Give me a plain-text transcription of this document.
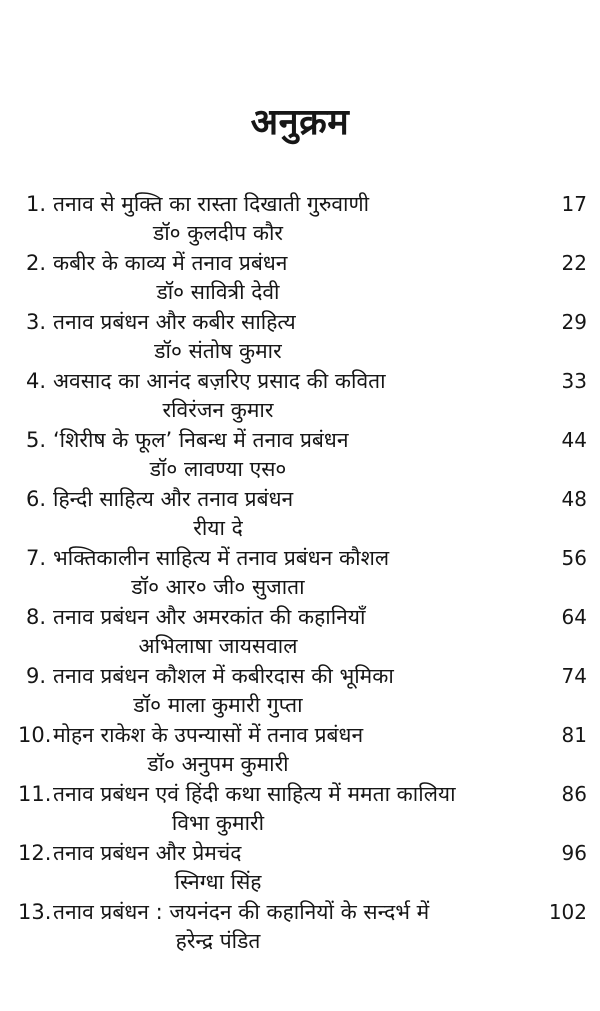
अनुक्रम
1. तनाव से मुक्ति का रास्ता दिखाती गुरुवाणी	17
डॉ० कुलदीप कौर
2. कबीर के काव्य में तनाव प्रबंधन	22
डॉ० सावित्री देवी
3. तनाव प्रबंधन और कबीर साहित्य	29
डॉ० संतोष कुमार
4. अवसाद का आनंद बज़रिए प्रसाद की कविता	33
रविरंजन कुमार
5. ‘शिरीष के फूल’ निबन्ध में तनाव प्रबंधन	44
डॉ० लावण्या एस०
6. हिन्दी साहित्य और तनाव प्रबंधन	48
रीया दे
7. भक्तिकालीन साहित्य में तनाव प्रबंधन कौशल	56
डॉ० आर० जी० सुजाता
8. तनाव प्रबंधन और अमरकांत की कहानियाँ	64
अभिलाषा जायसवाल
9. तनाव प्रबंधन कौशल में कबीरदास की भूमिका	74
डॉ० माला कुमारी गुप्ता
10. मोहन राकेश के उपन्यासों में तनाव प्रबंधन	81
डॉ० अनुपम कुमारी
11. तनाव प्रबंधन एवं हिंदी कथा साहित्य में ममता कालिया	86
विभा कुमारी
12. तनाव प्रबंधन और प्रेमचंद	96
स्निग्धा सिंह
13. तनाव प्रबंधन : जयनंदन की कहानियों के सन्दर्भ में	102
हरेन्द्र पंडित
